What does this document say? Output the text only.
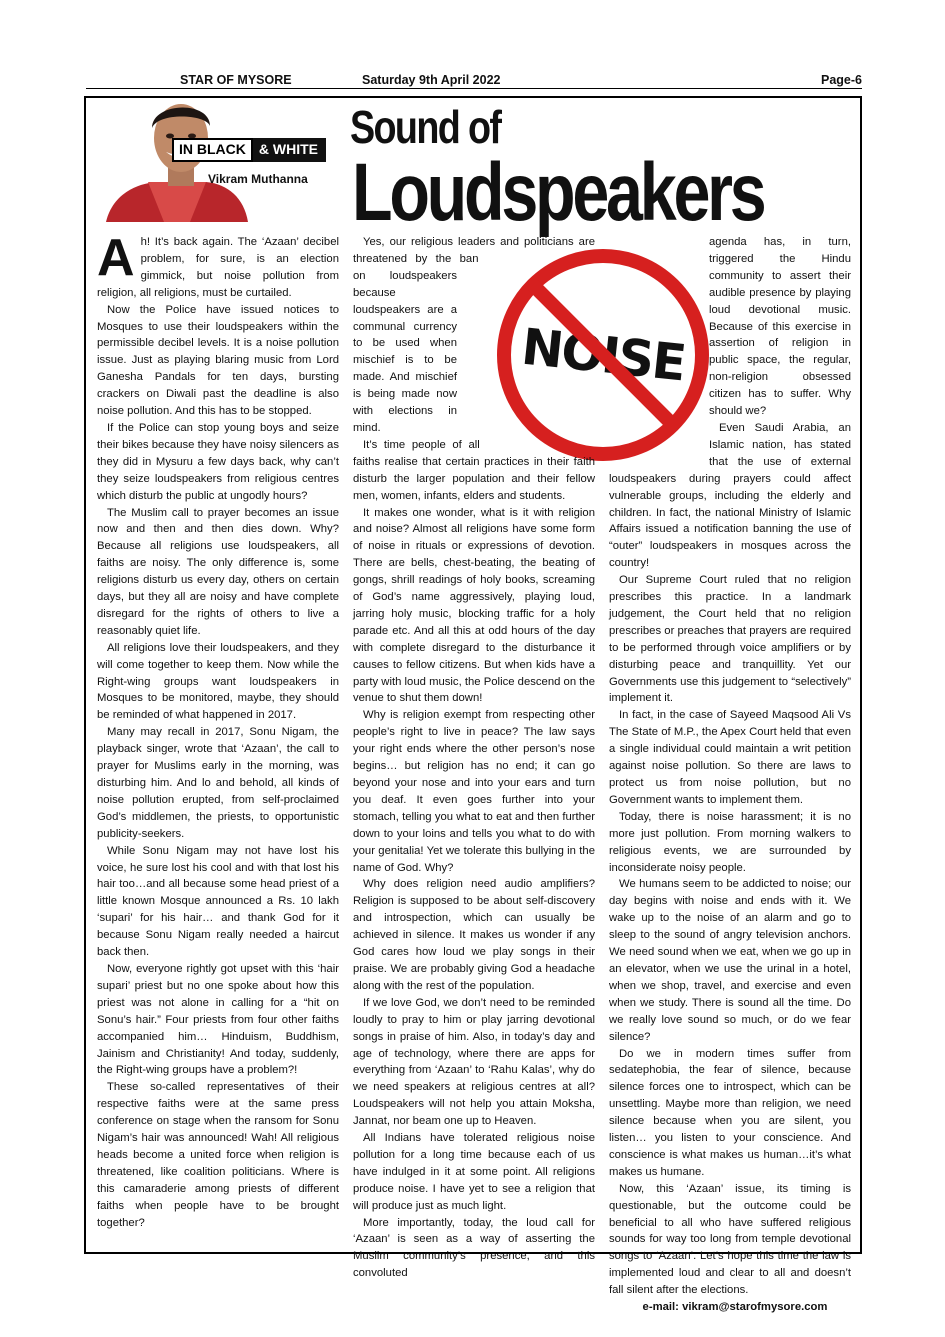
STAR OF MYSORE	Saturday 9th April 2022	Page-6
IN BLACK & WHITE
Vikram Muthanna
Sound of
Loudspeakers

Ah! It’s back again. The ‘Azaan’ decibel problem, for sure, is an election gimmick, but noise pollution from religion, all religions, must be curtailed.

Now the Police have issued notices to Mosques to use their loudspeakers within the permissible decibel levels. It is a noise pollution issue. Just as playing blaring music from Lord Ganesha Pandals for ten days, bursting crackers on Diwali past the deadline is also noise pollution. And this has to be stopped.

If the Police can stop young boys and seize their bikes because they have noisy silencers as they did in Mysuru a few days back, why can’t they seize loudspeakers from religious centres which disturb the public at ungodly hours?

The Muslim call to prayer becomes an issue now and then and then dies down. Why? Because all religions use loudspeakers, all faiths are noisy. The only difference is, some religions disturb us every day, others on certain days, but they all are noisy and have complete disregard for the rights of others to live a reasonably quiet life.

All religions love their loudspeakers, and they will come together to keep them. Now while the Right-wing groups want loudspeakers in Mosques to be monitored, maybe, they should be reminded of what happened in 2017.

Many may recall in 2017, Sonu Nigam, the playback singer, wrote that ‘Azaan’, the call to prayer for Muslims early in the morning, was disturbing him. And lo and behold, all kinds of noise pollution erupted, from self-proclaimed God’s middlemen, the priests, to opportunistic publicity-seekers.

While Sonu Nigam may not have lost his voice, he sure lost his cool and with that lost his hair too…and all because some head priest of a little known Mosque announced a Rs. 10 lakh ‘supari’ for his hair… and thank God for it because Sonu Nigam really needed a haircut back then.

Now, everyone rightly got upset with this ‘hair supari’ priest but no one spoke about how this priest was not alone in calling for a “hit on Sonu’s hair.” Four priests from four other faiths accompanied him… Hinduism, Buddhism, Jainism and Christianity! And today, suddenly, the Right-wing groups have a problem?!

These so-called representatives of their respective faiths were at the same press conference on stage when the ransom for Sonu Nigam’s hair was announced! Wah! All religious heads become a united force when religion is threatened, like coalition politicians. Where is this camaraderie among priests of different faiths when people have to be brought together?

Yes, our religious leaders and politicians are threatened by the ban on loudspeakers because loudspeakers are a communal currency to be used when mischief is to be made. And mischief is being made now with elections in mind.

It’s time people of all faiths realise that certain practices in their faith disturb the larger population and their fellow men, women, infants, elders and students.

It makes one wonder, what is it with religion and noise? Almost all religions have some form of noise in rituals or expressions of devotion. There are bells, chest-beating, the beating of gongs, shrill readings of holy books, screaming of God’s name aggressively, playing loud, jarring holy music, blocking traffic for a holy parade etc. And all this at odd hours of the day with complete disregard to the disturbance it causes to fellow citizens. But when kids have a party with loud music, the Police descend on the venue to shut them down!

Why is religion exempt from respecting other people’s right to live in peace? The law says your right ends where the other person’s nose begins… but religion has no end; it can go beyond your nose and into your ears and turn you deaf. It even goes further into your stomach, telling you what to eat and then further down to your loins and tells you what to do with your genitalia! Yet we tolerate this bullying in the name of God. Why?

Why does religion need audio amplifiers? Religion is supposed to be about self-discovery and introspection, which can usually be achieved in silence. It makes us wonder if any God cares how loud we play songs in their praise. We are probably giving God a headache along with the rest of the population.

If we love God, we don’t need to be reminded loudly to pray to him or play jarring devotional songs in praise of him. Also, in today’s day and age of technology, where there are apps for everything from ‘Azaan’ to ‘Rahu Kalas’, why do we need speakers at religious centres at all? Loudspeakers will not help you attain Moksha, Jannat, nor beam one up to Heaven.

All Indians have tolerated religious noise pollution for a long time because each of us have indulged in it at some point. All religions produce noise. I have yet to see a religion that will produce just as much light.

More importantly, today, the loud call for ‘Azaan’ is seen as a way of asserting the Muslim community’s presence, and this convoluted

agenda has, in turn, triggered the Hindu community to assert their audible presence by playing loud devotional music. Because of this exercise in assertion of religion in public space, the regular, non-religion obsessed citizen has to suffer. Why should we?

Even Saudi Arabia, an Islamic nation, has stated that the use of external loudspeakers during prayers could affect vulnerable groups, including the elderly and children. In fact, the national Ministry of Islamic Affairs issued a notification banning the use of “outer” loudspeakers in mosques across the country!

Our Supreme Court ruled that no religion prescribes this practice. In a landmark judgement, the Court held that no religion prescribes or preaches that prayers are required to be performed through voice amplifiers or by disturbing peace and tranquillity. Yet our Governments use this judgement to “selectively” implement it.

In fact, in the case of Sayeed Maqsood Ali Vs The State of M.P., the Apex Court held that even a single individual could maintain a writ petition against noise pollution. So there are laws to protect us from noise pollution, but no Government wants to implement them.

Today, there is noise harassment; it is no more just pollution. From morning walkers to religious events, we are surrounded by inconsiderate noisy people.

We humans seem to be addicted to noise; our day begins with noise and ends with it. We wake up to the noise of an alarm and go to sleep to the sound of angry television anchors. We need sound when we eat, when we go up in an elevator, when we use the urinal in a hotel, when we shop, travel, and exercise and even when we study. There is sound all the time. Do we really love sound so much, or do we fear silence?

Do we in modern times suffer from sedatephobia, the fear of silence, because silence forces one to introspect, which can be unsettling. Maybe more than religion, we need silence because when you are silent, you listen… you listen to your conscience. And conscience is what makes us human…it’s what makes us humane.

Now, this ‘Azaan’ issue, its timing is questionable, but the outcome could be beneficial to all who have suffered religious sounds for way too long from temple devotional songs to ‘Azaan’. Let’s hope this time the law is implemented loud and clear to all and doesn’t fall silent after the elections.

e-mail: vikram@starofmysore.com
